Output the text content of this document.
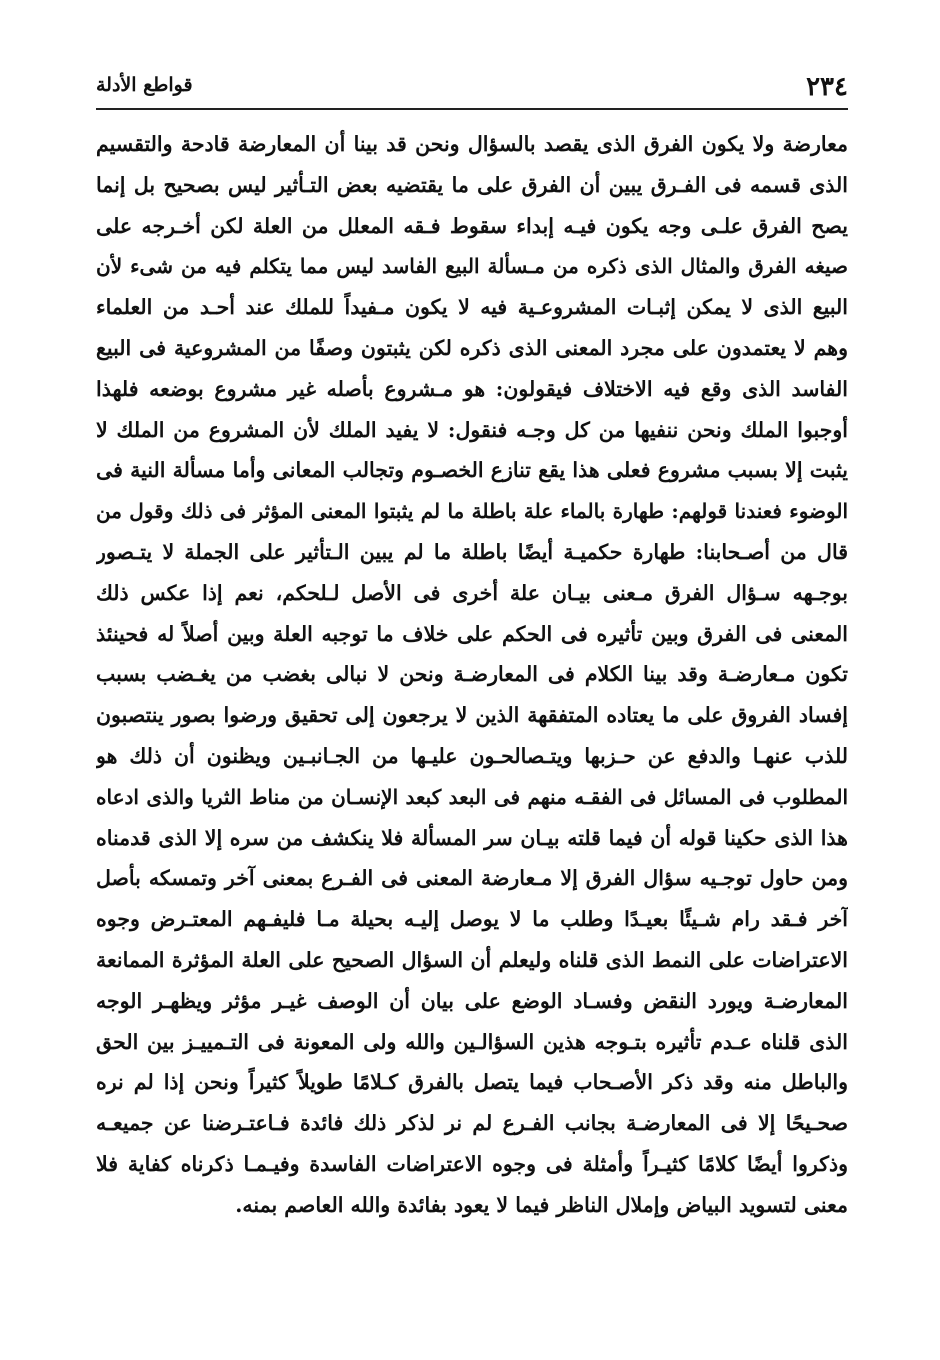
٢٣٤
قواطع الأدلة
معارضة ولا يكون الفرق الذى يقصد بالسؤال ونحن قد بينا أن المعارضة قادحة والتقسيم
الذى قسمه فى الفـرق يبين أن الفرق على ما يقتضيه بعض التـأثير ليس بصحيح بل إنما
يصح الفرق علـى وجه يكون فيـه إبداء سقوط فـقه المعلل من العلة لكن أخـرجه على
صيغه الفرق والمثال الذى ذكره من مـسألة البيع الفاسد ليس مما يتكلم فيه من شىء لأن
البيع الذى لا يمكن إثبـات المشروعـية فيه لا يكون مـفيداً للملك عند أحـد من العلماء
وهم لا يعتمدون على مجرد المعنى الذى ذكره لكن يثبتون وصفًا من المشروعية فى البيع
الفاسد الذى وقع فيه الاختلاف فيقولون: هو مـشروع بأصله غير مشروع بوضعه فلهذا
أوجبوا الملك ونحن ننفيها من كل وجـه فنقول: لا يفيد الملك لأن المشروع من الملك لا
يثبت إلا بسبب مشروع فعلى هذا يقع تنازع الخصـوم وتجالب المعانى وأما مسألة النية فى
الوضوء فعندنا قولهم: طهارة بالماء علة باطلة ما لم يثبتوا المعنى المؤثر فى ذلك وقول من
قال من أصـحابنا: طهارة حكميـة أيضًا باطلة ما لم يبين الـتأثير على الجملة لا يتـصور
بوجـهه سـؤال الفرق مـعنى بيـان علة أخرى فى الأصل لـلحكم، نعم إذا عكس ذلك
المعنى فى الفرق وبين تأثيره فى الحكم على خلاف ما توجبه العلة وبين أصلاً له فحينئذ
تكون مـعارضـة وقد بينا الكلام فى المعارضـة ونحن لا نبالى بغضب من يغـضب بسبب
إفساد الفروق على ما يعتاده المتفقهة الذين لا يرجعون إلى تحقيق ورضوا بصور ينتصبون
للذب عنهـا والدفع عن حـزبها ويتـصالحـون عليـها من الجـانبـين ويظنون أن ذلك هو
المطلوب فى المسائل فى الفقـه منهم فى البعد كبعد الإنسـان من مناط الثريا والذى ادعاه
هذا الذى حكينا قوله أن فيما قلته بيـان سر المسألة فلا ينكشف من سره إلا الذى قدمناه
ومن حاول توجـيه سؤال الفرق إلا مـعارضة المعنى فى الفـرع بمعنى آخر وتمسكه بأصل
آخر فـقد رام شـيئًا بعيـدًا وطلب ما لا يوصل إليـه بحيلة مـا فليفـهم المعتـرض وجوه
الاعتراضات على النمط الذى قلناه وليعلم أن السؤال الصحيح على العلة المؤثرة الممانعة
المعارضـة ويورد النقض وفسـاد الوضع على بيان أن الوصف غيـر مؤثر ويظهـر الوجه
الذى قلناه عـدم تأثيره بتـوجه هذين السؤالـين والله ولى المعونة فى التـمييـز بين الحق
والباطل منه وقد ذكر الأصـحاب فيما يتصل بالفرق كـلامًا طويلاً كثيراً ونحن إذا لم نره
صحـيحًا إلا فى المعارضـة بجانب الفـرع لم نر لذكر ذلك فائدة فـاعتـرضنا عن جميعـه
وذكروا أيضًا كلامًا كثيـراً وأمثلة فى وجوه الاعتراضات الفاسدة وفيـمـا ذكرناه كفاية فلا
معنى لتسويد البياض وإملال الناظر فيما لا يعود بفائدة والله العاصم بمنه.
